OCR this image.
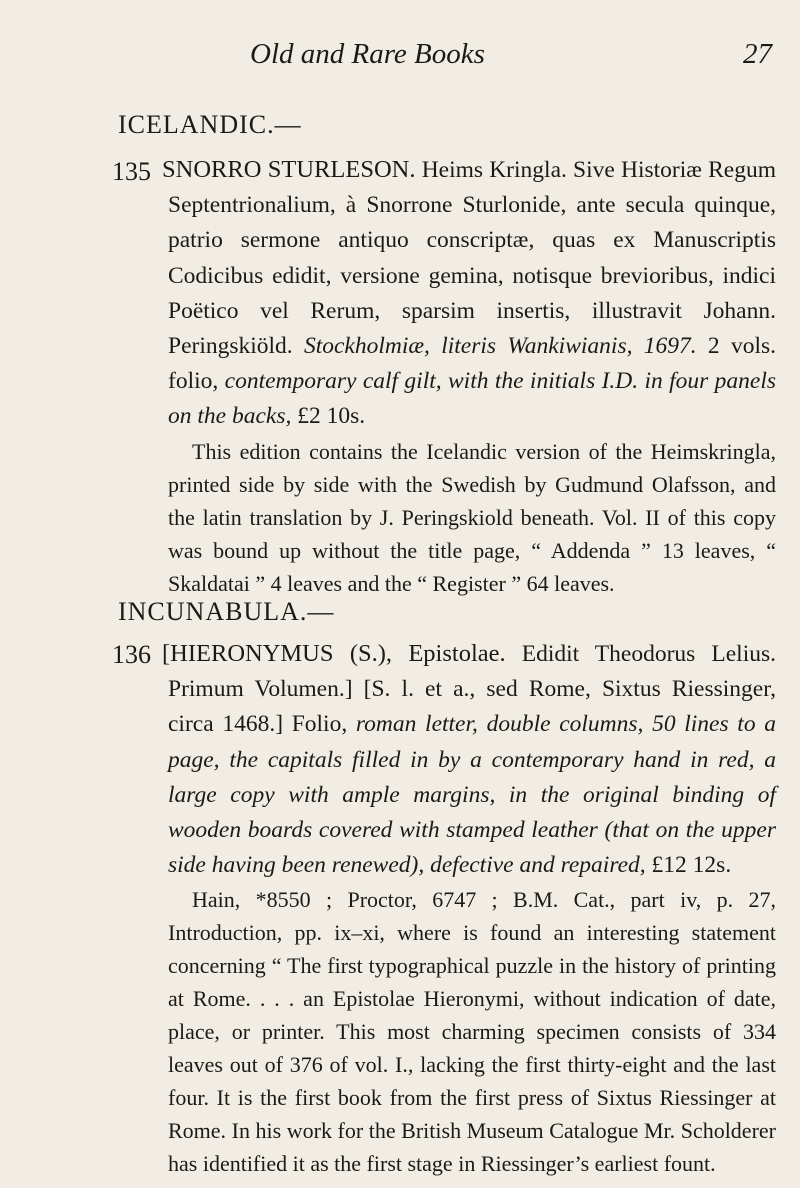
Old and Rare Books	27
ICELANDIC.—
135 SNORRO STURLESON. Heims Kringla. Sive Historiæ Regum Septentrionalium, à Snorrone Sturlonide, ante secula quinque, patrio sermone antiquo conscriptæ, quas ex Manuscriptis Codicibus edidit, versione gemina, notisque brevioribus, indici Poëtico vel Rerum, sparsim insertis, illustravit Johann. Peringskiöld. Stockholmiæ, literis Wankiwianis, 1697. 2 vols. folio, contemporary calf gilt, with the initials I.D. in four panels on the backs, £2 10s.
This edition contains the Icelandic version of the Heimskringla, printed side by side with the Swedish by Gudmund Olafsson, and the latin translation by J. Peringskiold beneath. Vol. II of this copy was bound up without the title page, “ Addenda ” 13 leaves, “ Skaldatai ” 4 leaves and the “ Register ” 64 leaves.
INCUNABULA.—
136 [HIERONYMUS (S.), Epistolae. Edidit Theodorus Lelius. Primum Volumen.] [S. l. et a., sed Rome, Sixtus Riessinger, circa 1468.] Folio, roman letter, double columns, 50 lines to a page, the capitals filled in by a contemporary hand in red, a large copy with ample margins, in the original binding of wooden boards covered with stamped leather (that on the upper side having been renewed), defective and repaired, £12 12s.
Hain, *8550 ; Proctor, 6747 ; B.M. Cat., part iv, p. 27, Introduction, pp. ix–xi, where is found an interesting statement concerning “ The first typographical puzzle in the history of printing at Rome. . . . an Epistolae Hieronymi, without indication of date, place, or printer. This most charming specimen consists of 334 leaves out of 376 of vol. I., lacking the first thirty-eight and the last four. It is the first book from the first press of Sixtus Riessinger at Rome. In his work for the British Museum Catalogue Mr. Scholderer has identified it as the first stage in Riessinger’s earliest fount.
